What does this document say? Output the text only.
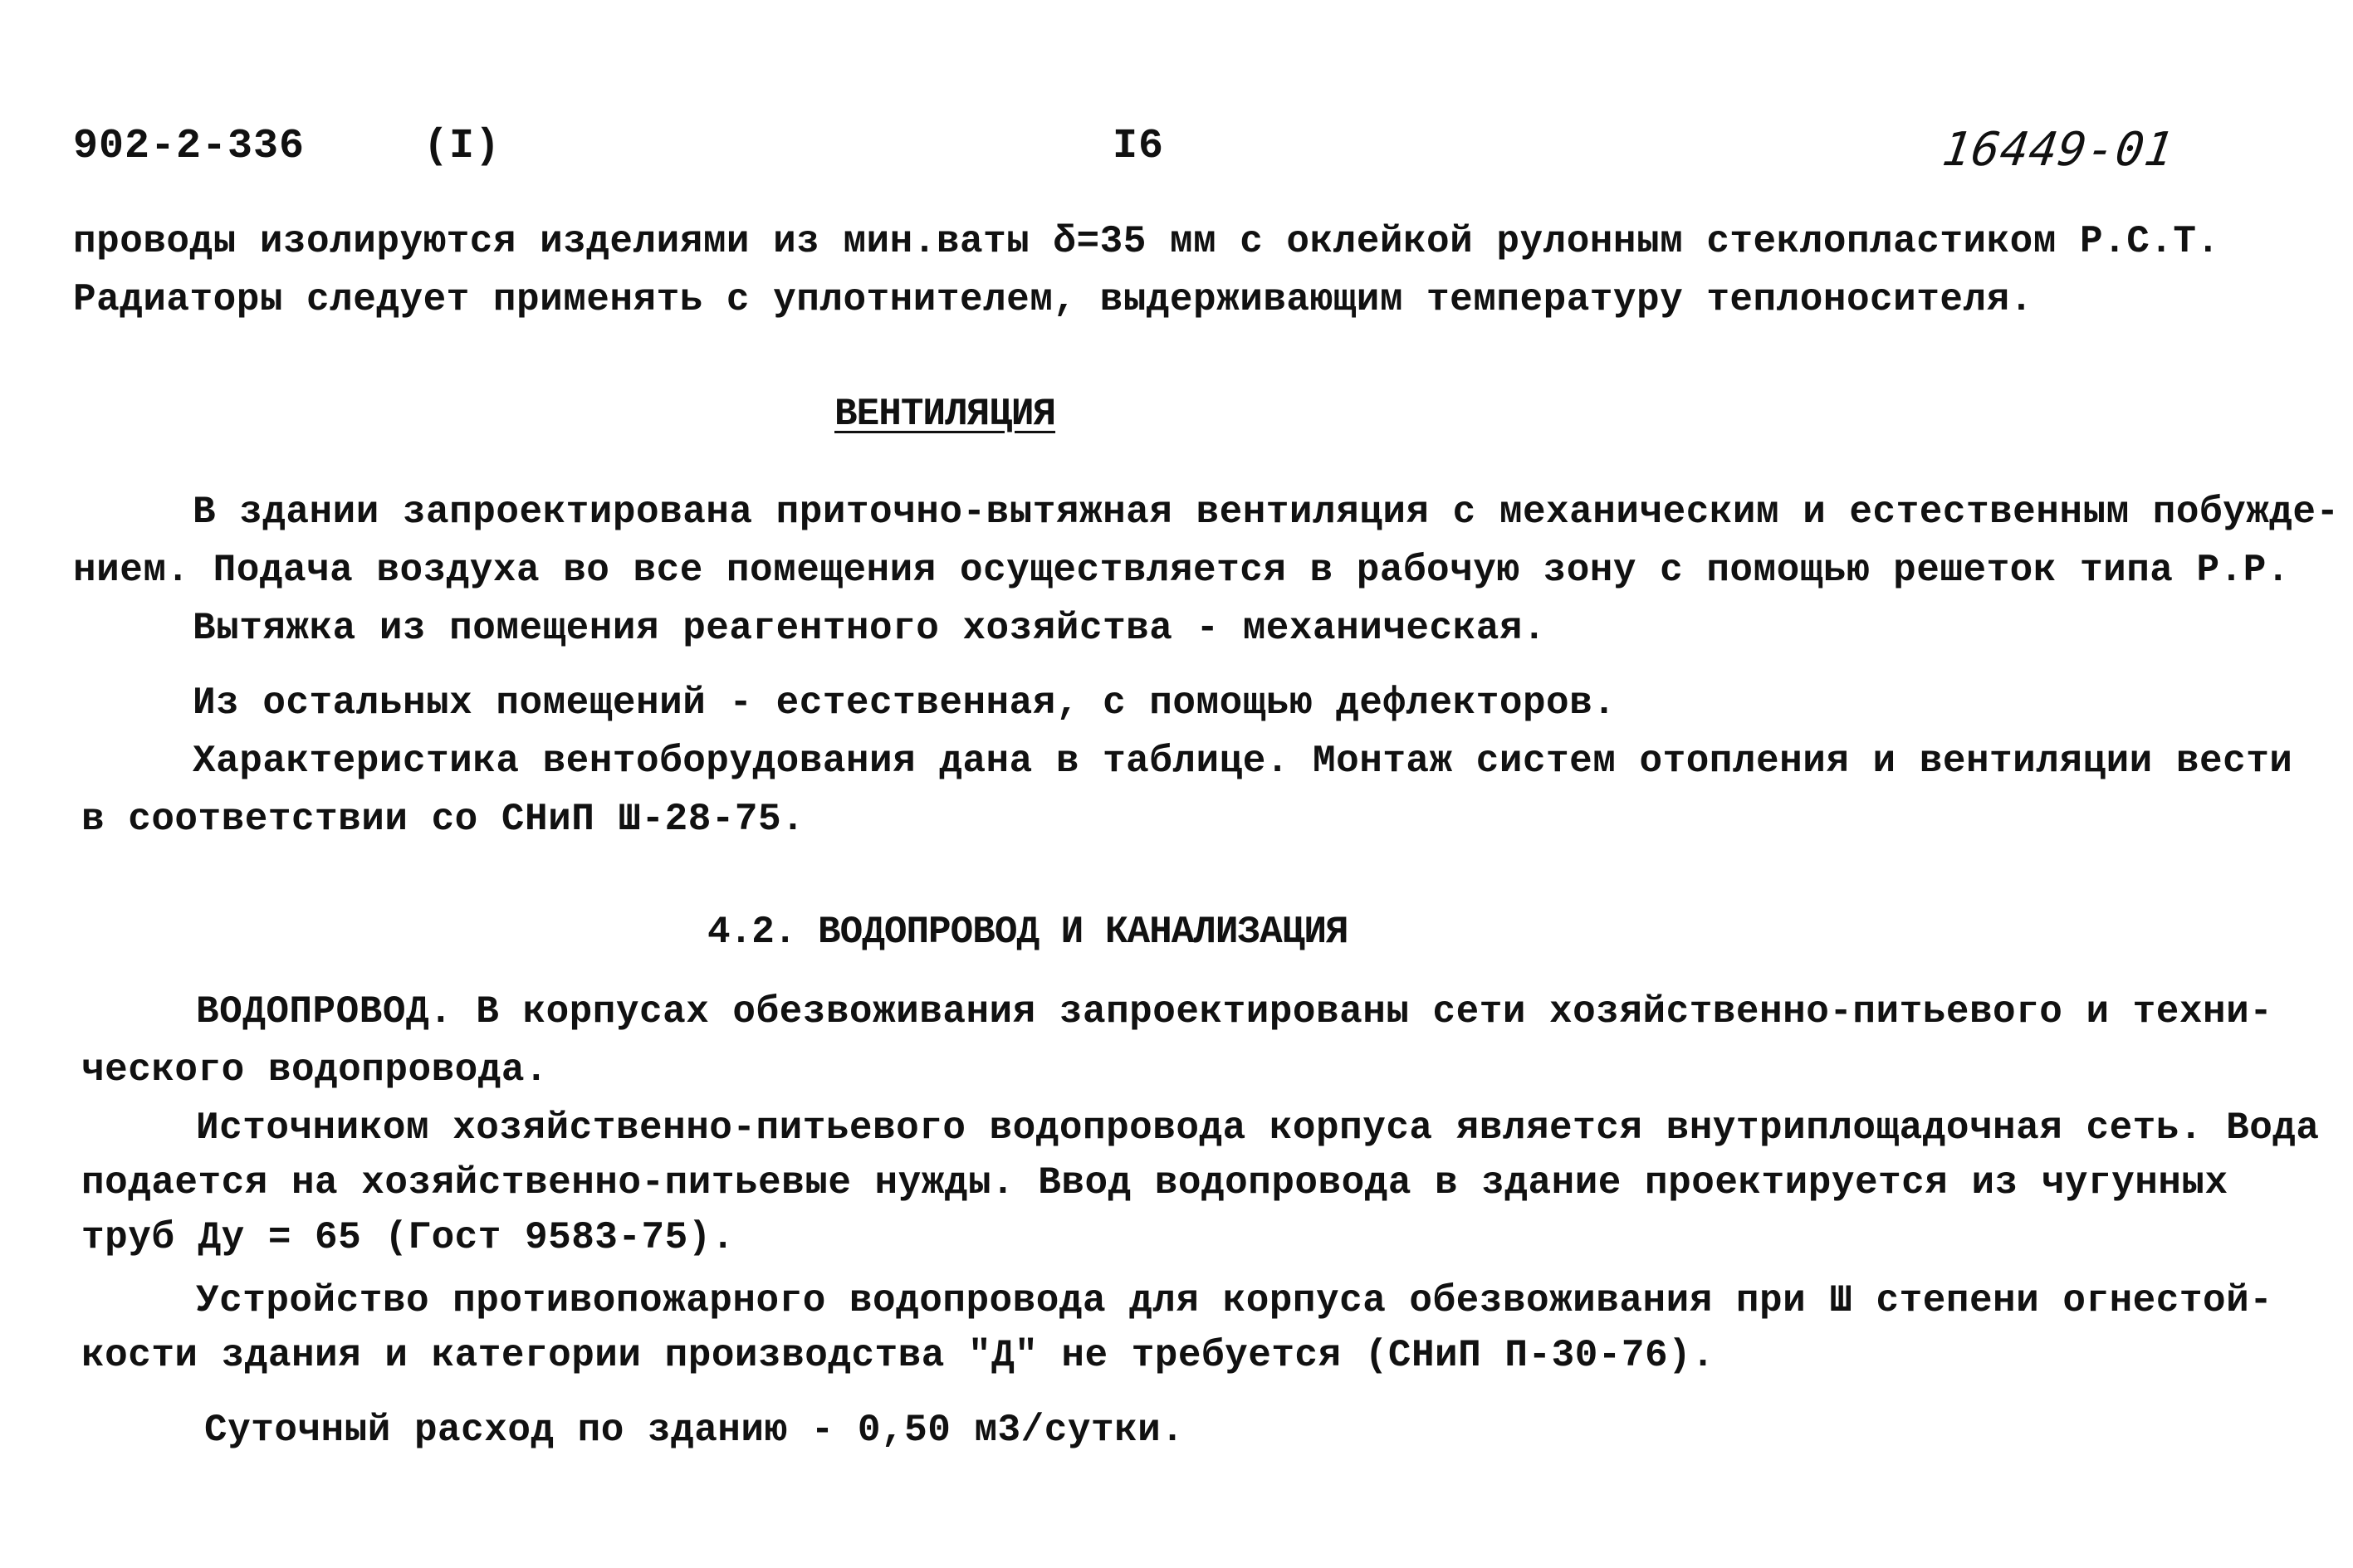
902-2-336	(I)	I6	16449-01
проводы изолируются изделиями из мин.ваты δ=35 мм с оклейкой рулонным стеклопластиком Р.С.Т.
Радиаторы следует применять с уплотнителем, выдерживающим температуру теплоносителя.
ВЕНТИЛЯЦИЯ
В здании запроектирована приточно-вытяжная вентиляция с механическим и естественным побужде-
нием. Подача воздуха во все помещения осуществляется в рабочую зону с помощью решеток типа Р.Р.
Вытяжка из помещения реагентного хозяйства - механическая.
Из остальных помещений - естественная, с помощью дефлекторов.
Характеристика вентоборудования дана в таблице. Монтаж систем отопления и вентиляции вести
в соответствии со СНиП Ш-28-75.
4.2. ВОДОПРОВОД И КАНАЛИЗАЦИЯ
ВОДОПРОВОД. В корпусах обезвоживания запроектированы сети хозяйственно-питьевого и техни-
ческого водопровода.
Источником хозяйственно-питьевого водопровода корпуса является внутриплощадочная сеть. Вода
подается на хозяйственно-питьевые нужды. Ввод водопровода в здание проектируется из чугунных
труб Ду = 65 (Гост 9583-75).
Устройство противопожарного водопровода для корпуса обезвоживания при Ш степени огнестой-
кости здания и категории производства "Д" не требуется (СНиП П-30-76).
Суточный расход по зданию - 0,50 м3/сутки.
